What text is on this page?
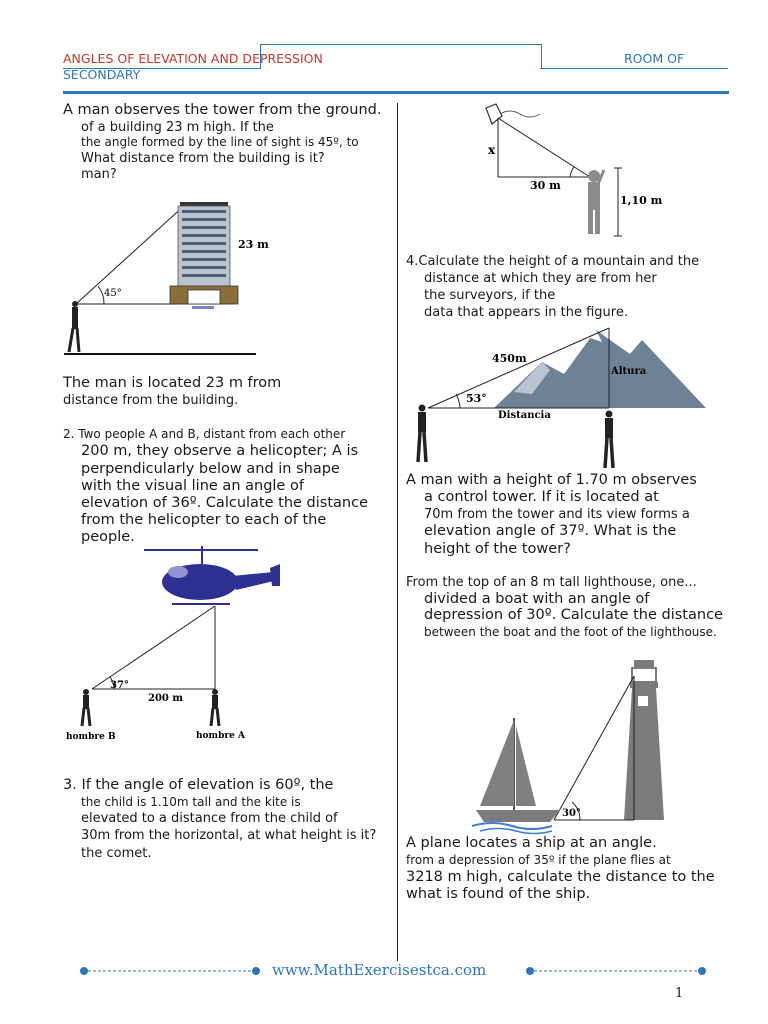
ANGLES OF ELEVATION AND DEPRESSION
SECONDARY
ROOM OF
A man observes the tower from the ground.
of a building 23 m high. If the
the angle formed by the line of sight is 45º, to
What distance from the building is it?
man?
23 m
45°
The man is located 23 m from
distance from the building.
2. Two people A and B, distant from each other
200 m, they observe a helicopter; A is
perpendicularly below and in shape
with the visual line an angle of
elevation of 36º. Calculate the distance
from the helicopter to each of the
people.
37°
200 m
hombre B	hombre A
3. If the angle of elevation is 60º, the
the child is 1.10m tall and the kite is
elevated to a distance from the child of
30m from the horizontal, at what height is it?
the comet.
x
30 m
1,10 m
4.Calculate the height of a mountain and the
distance at which they are from her
the surveyors, if the
data that appears in the figure.
450m
53°
Altura
Distancia
A man with a height of 1.70 m observes
a control tower. If it is located at
70m from the tower and its view forms a
elevation angle of 37º. What is the
height of the tower?
From the top of an 8 m tall lighthouse, one...
divided a boat with an angle of
depression of 30º. Calculate the distance
between the boat and the foot of the lighthouse.
30°
A plane locates a ship at an angle.
from a depression of 35º if the plane flies at
3218 m high, calculate the distance to the
what is found of the ship.
www.MathExercisestca.com
1
